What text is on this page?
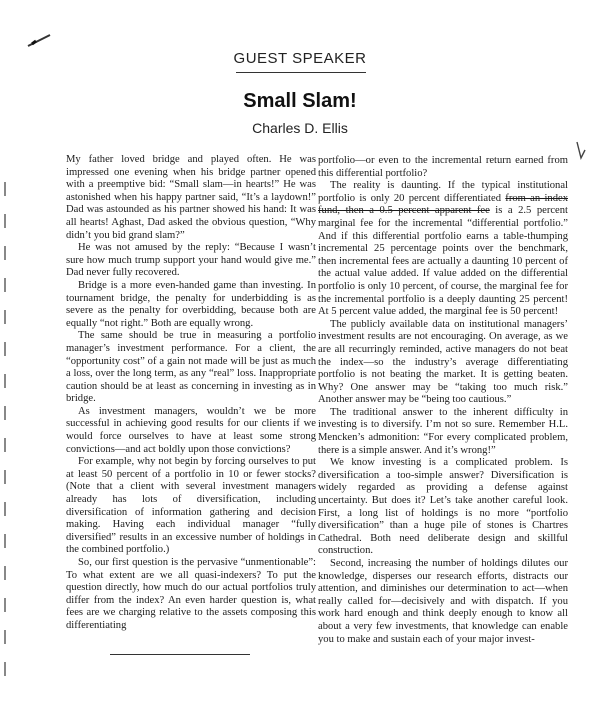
GUEST SPEAKER
Small Slam!
Charles D. Ellis

My father loved bridge and played often. He was impressed one evening when his bridge partner opened with a preemptive bid: “Small slam—in hearts!” He was astonished when his happy partner said, “It’s a laydown!” Dad was astounded as his partner showed his hand: It was all hearts! Aghast, Dad asked the obvious question, “Why didn’t you bid grand slam?”

He was not amused by the reply: “Because I wasn’t sure how much trump support your hand would give me.” Dad never fully recovered.

Bridge is a more even-handed game than investing. In tournament bridge, the penalty for underbidding is as severe as the penalty for overbidding, because both are equally “not right.” Both are equally wrong.

The same should be true in measuring a portfolio manager’s investment performance. For a client, the “opportunity cost” of a gain not made will be just as much a loss, over the long term, as any “real” loss. Inappropriate caution should be at least as concerning in investing as in bridge.

As investment managers, wouldn’t we be more successful in achieving good results for our clients if we would force ourselves to have at least some strong convictions—and act boldly upon those convictions?

For example, why not begin by forcing ourselves to put at least 50 percent of a portfolio in 10 or fewer stocks? (Note that a client with several investment managers already has lots of diversification, including diversification of information gathering and decision making. Having each individual manager “fully diversified” results in an excessive number of holdings in the combined portfolio.)

So, our first question is the pervasive “unmentionable”: To what extent are we all quasi-indexers? To put the question directly, how much do our actual portfolios truly differ from the index? An even harder question is, what fees are we charging relative to the assets composing this differentiating

portfolio—or even to the incremental return earned from this differential portfolio?

The reality is daunting. If the typical institutional portfolio is only 20 percent differentiated from an index fund, then a 0.5 percent apparent fee is a 2.5 percent marginal fee for the incremental “differential portfolio.” And if this differential portfolio earns a table-thumping incremental 25 percentage points over the benchmark, then incremental fees are actually a daunting 10 percent of the actual value added. If value added on the differential portfolio is only 10 percent, of course, the marginal fee for the incremental portfolio is a deeply daunting 25 percent! At 5 percent value added, the marginal fee is 50 percent!

The publicly available data on institutional managers’ investment results are not encouraging. On average, as we are all recurringly reminded, active managers do not beat the index—so the industry’s average differentiating portfolio is not beating the market. It is getting beaten. Why? One answer may be “taking too much risk.” Another answer may be “being too cautious.”

The traditional answer to the inherent difficulty in investing is to diversify. I’m not so sure. Remember H.L. Mencken’s admonition: “For every complicated problem, there is a simple answer. And it’s wrong!”

We know investing is a complicated problem. Is diversification a too-simple answer? Diversification is widely regarded as providing a defense against uncertainty. But does it? Let’s take another careful look. First, a long list of holdings is no more “portfolio diversification” than a huge pile of stones is Chartres Cathedral. Both need deliberate design and skillful construction.

Second, increasing the number of holdings dilutes our knowledge, disperses our research efforts, distracts our attention, and diminishes our determination to act—when really called for—decisively and with dispatch. If you work hard enough and think deeply enough to know all about a very few investments, that knowledge can enable you to make and sustain each of your major invest-
